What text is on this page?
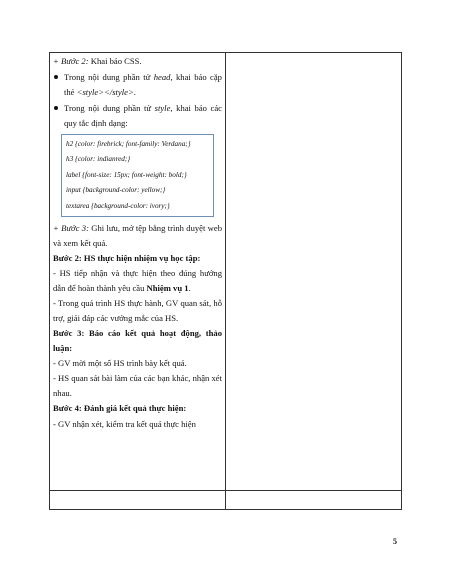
+ Bước 2: Khai báo CSS.

Trong nội dung phần tử head, khai báo cặp thẻ <style></style>.

Trong nội dung phần tử style, khai báo các quy tắc định dạng:

h2 {color: firebrick; font-family: Verdana;}
h3 {color: indianred;}
label {font-size: 15px; font-weight: bold;}
input {background-color: yellow;}
textarea {background-color: ivory;}

+ Bước 3: Ghi lưu, mở tệp bằng trình duyệt web và xem kết quả.

Bước 2: HS thực hiện nhiệm vụ học tập:

- HS tiếp nhận và thực hiện theo đúng hướng dẫn để hoàn thành yêu cầu Nhiệm vụ 1.

- Trong quá trình HS thực hành, GV quan sát, hỗ trợ, giải đáp các vướng mắc của HS.

Bước 3: Báo cáo kết quả hoạt động, thảo luận:

- GV mời một số HS trình bày kết quả.

- HS quan sát bài làm của các bạn khác, nhận xét nhau.

Bước 4: Đánh giá kết quả thực hiện:

- GV nhận xét, kiểm tra kết quả thực hiện

5
